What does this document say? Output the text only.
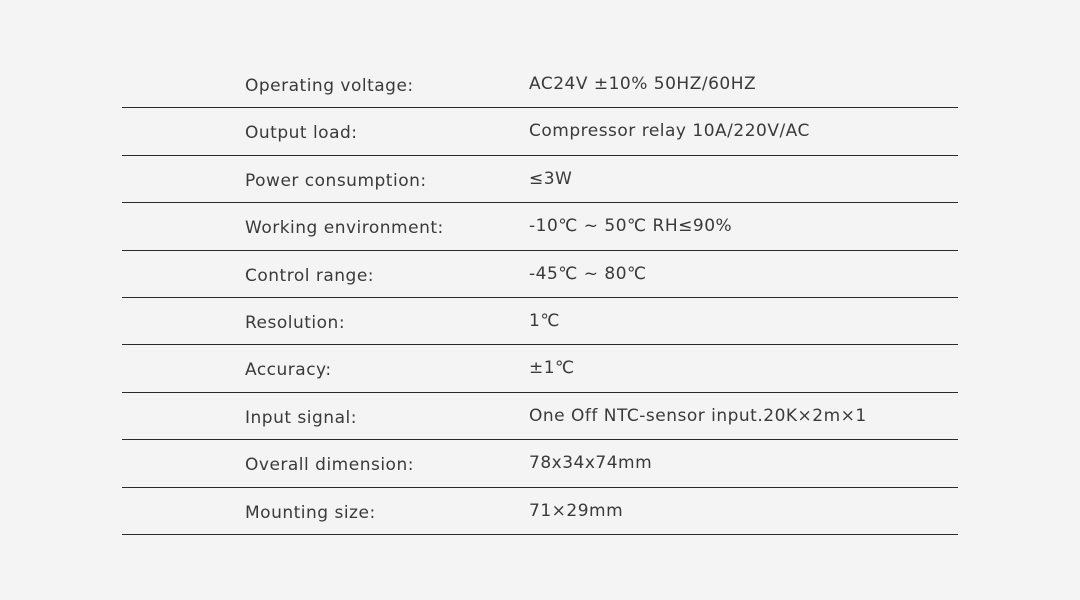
Operating voltage:	AC24V ±10% 50HZ/60HZ
Output load:	Compressor relay 10A/220V/AC
Power consumption:	≤3W
Working environment:	-10℃ ~ 50℃ RH≤90%
Control range:	-45℃ ~ 80℃
Resolution:	1℃
Accuracy:	±1℃
Input signal:	One Off NTC-sensor input.20K×2m×1
Overall dimension:	78x34x74mm
Mounting size:	71×29mm
